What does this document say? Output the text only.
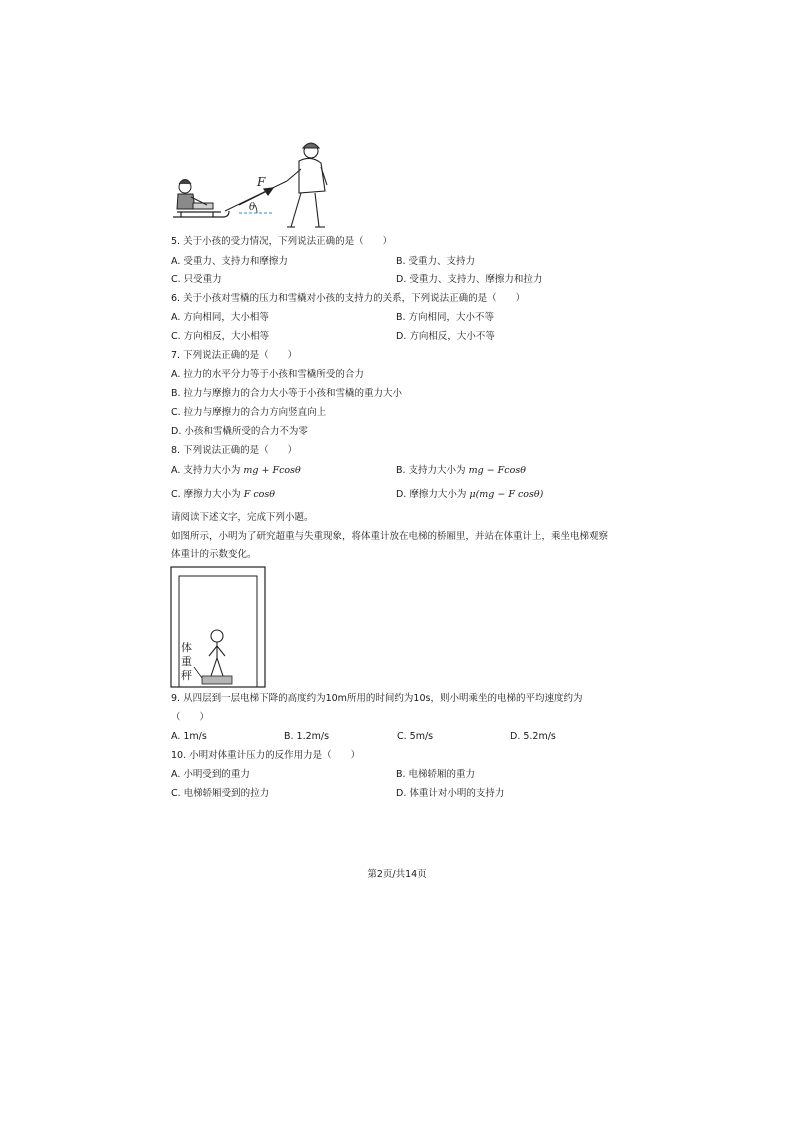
F
θ
5. 关于小孩的受力情况，下列说法正确的是（　　）
A. 受重力、支持力和摩擦力	B. 受重力、支持力
C. 只受重力	D. 受重力、支持力、摩擦力和拉力
6. 关于小孩对雪橇的压力和雪橇对小孩的支持力的关系，下列说法正确的是（　　）
A. 方向相同，大小相等	B. 方向相同，大小不等
C. 方向相反，大小相等	D. 方向相反，大小不等
7. 下列说法正确的是（　　）
A. 拉力的水平分力等于小孩和雪橇所受的合力
B. 拉力与摩擦力的合力大小等于小孩和雪橇的重力大小
C. 拉力与摩擦力的合力方向竖直向上
D. 小孩和雪橇所受的合力不为零
8. 下列说法正确的是（　　）
A. 支持力大小为 mg + Fcosθ	B. 支持力大小为 mg − Fcosθ
C. 摩擦力大小为 F cosθ	D. 摩擦力大小为 μ(mg − F cosθ)
请阅读下述文字，完成下列小题。
如图所示，小明为了研究超重与失重现象，将体重计放在电梯的桥厢里，并站在体重计上，乘坐电梯观察
体重计的示数变化。
体
重
秤
9. 从四层到一层电梯下降的高度约为10m所用的时间约为10s，则小明乘坐的电梯的平均速度约为
（　　）
A. 1m/s	B. 1.2m/s	C. 5m/s	D. 5.2m/s
10. 小明对体重计压力的反作用力是（　　）
A. 小明受到的重力	B. 电梯轿厢的重力
C. 电梯轿厢受到的拉力	D. 体重计对小明的支持力
第2页/共14页
